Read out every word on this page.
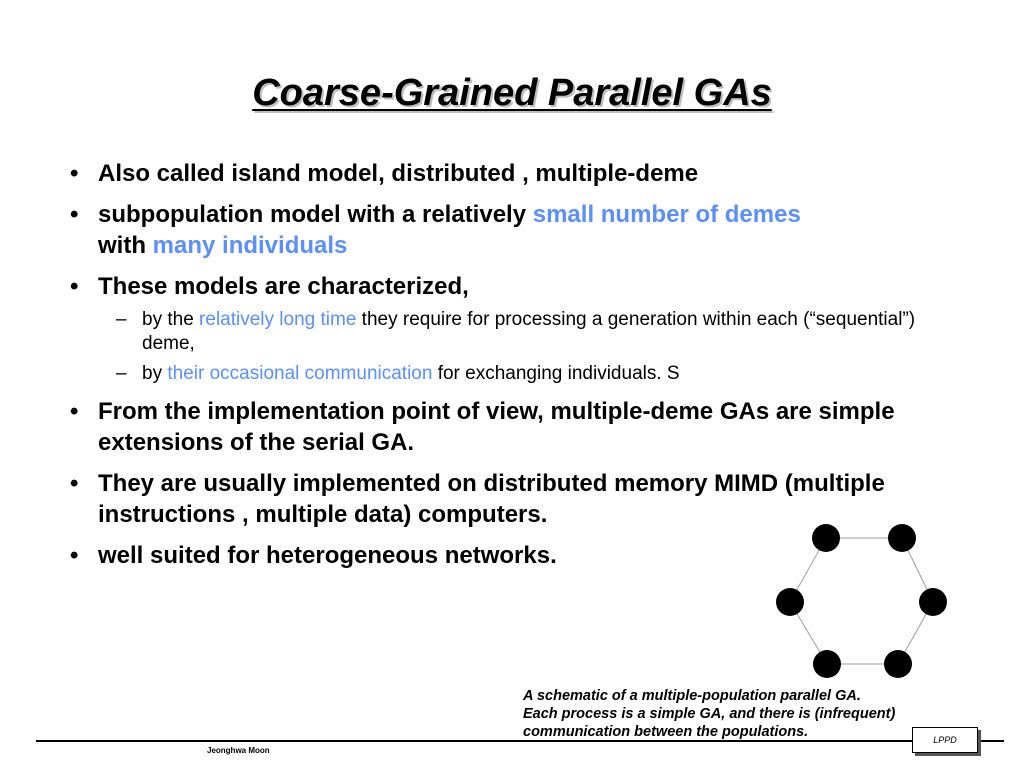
Coarse-Grained Parallel GAs
• Also called island model, distributed , multiple-deme
• subpopulation model with a relatively small number of demes
with many individuals
• These models are characterized,
– by the relatively long time they require for processing a generation within each (“sequential”) deme,
– by their occasional communication for exchanging individuals. S
• From the implementation point of view, multiple-deme GAs are simple extensions of the serial GA.
• They are usually implemented on distributed memory MIMD (multiple instructions , multiple data) computers.
• well suited for heterogeneous networks.
A schematic of a multiple-population parallel GA.
Each process is a simple GA, and there is (infrequent)
communication between the populations.
Jeonghwa Moon
LPPD
